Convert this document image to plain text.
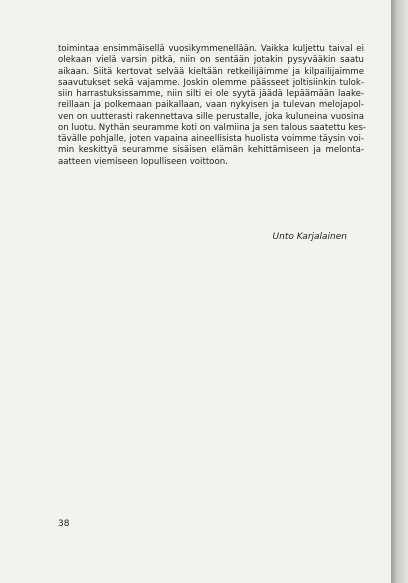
toimintaa ensimmäisellä vuosikymmenellään. Vaikka kuljettu taival ei
olekaan vielä varsin pitkä, niin on sentään jotakin pysyvääkin saatu
aikaan. Siitä kertovat selvää kieltään retkeilijäimme ja kilpailijaimme
saavutukset sekä vajamme. Joskin olemme päässeet joltisiinkin tulok-
siin harrastuksissamme, niin silti ei ole syytä jäädä lepäämään laake-
reillaan ja polkemaan paikallaan, vaan nykyisen ja tulevan melojapol-
ven on uutterasti rakennettava sille perustalle, joka kuluneina vuosina
on luotu. Nythän seuramme koti on valmiina ja sen talous saatettu kes-
tävälle pohjalle, joten vapaina aineellisista huolista voimme täysin voi-
min keskittyä seuramme sisäisen elämän kehittämiseen ja melonta-
aatteen viemiseen lopulliseen voittoon.

Unto Karjalainen

38
